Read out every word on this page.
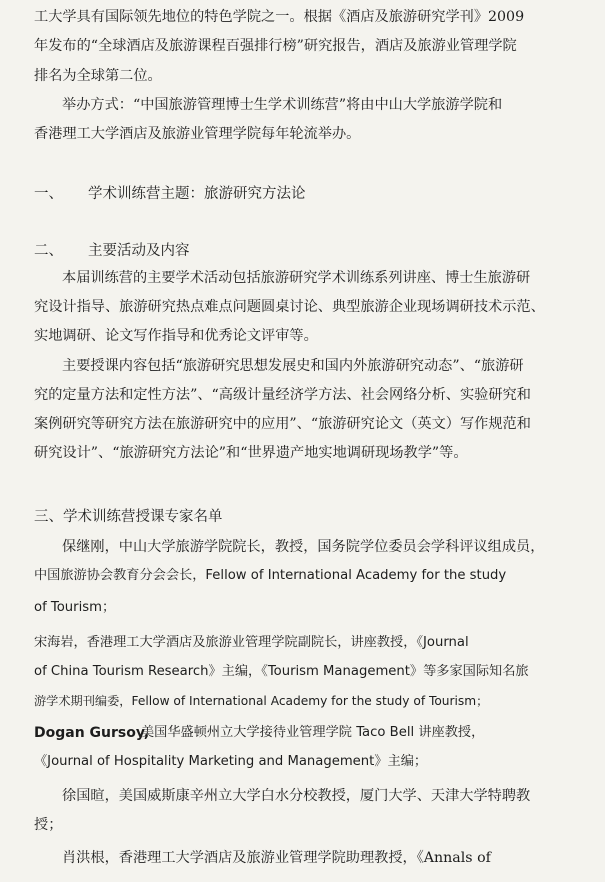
工大学具有国际领先地位的特色学院之一。根据《酒店及旅游研究学刊》2009
年发布的“全球酒店及旅游课程百强排行榜”研究报告，酒店及旅游业管理学院
排名为全球第二位。
举办方式：“中国旅游管理博士生学术训练营”将由中山大学旅游学院和
香港理工大学酒店及旅游业管理学院每年轮流举办。
一、 学术训练营主题：旅游研究方法论
二、 主要活动及内容
本届训练营的主要学术活动包括旅游研究学术训练系列讲座、博士生旅游研
究设计指导、旅游研究热点难点问题圆桌讨论、典型旅游企业现场调研技术示范、
实地调研、论文写作指导和优秀论文评审等。
主要授课内容包括“旅游研究思想发展史和国内外旅游研究动态”、“旅游研
究的定量方法和定性方法”、“高级计量经济学方法、社会网络分析、实验研究和
案例研究等研究方法在旅游研究中的应用”、“旅游研究论文（英文）写作规范和
研究设计”、“旅游研究方法论”和“世界遗产地实地调研现场教学”等。
三、学术训练营授课专家名单
保继刚，中山大学旅游学院院长，教授，国务院学位委员会学科评议组成员，
中国旅游协会教育分会会长，Fellow of International Academy for the study
of Tourism；
宋海岩，香港理工大学酒店及旅游业管理学院副院长，讲座教授，《Journal
of China Tourism Research》主编，《Tourism Management》等多家国际知名旅
游学术期刊编委，Fellow of International Academy for the study of Tourism；
Dogan Gursoy,
美国华盛顿州立大学接待业管理学院 Taco Bell 讲座教授，
《Journal of Hospitality Marketing and Management》主编；
徐国暄，美国威斯康辛州立大学白水分校教授，厦门大学、天津大学特聘教
授；
肖洪根，香港理工大学酒店及旅游业管理学院助理教授，《Annals of
